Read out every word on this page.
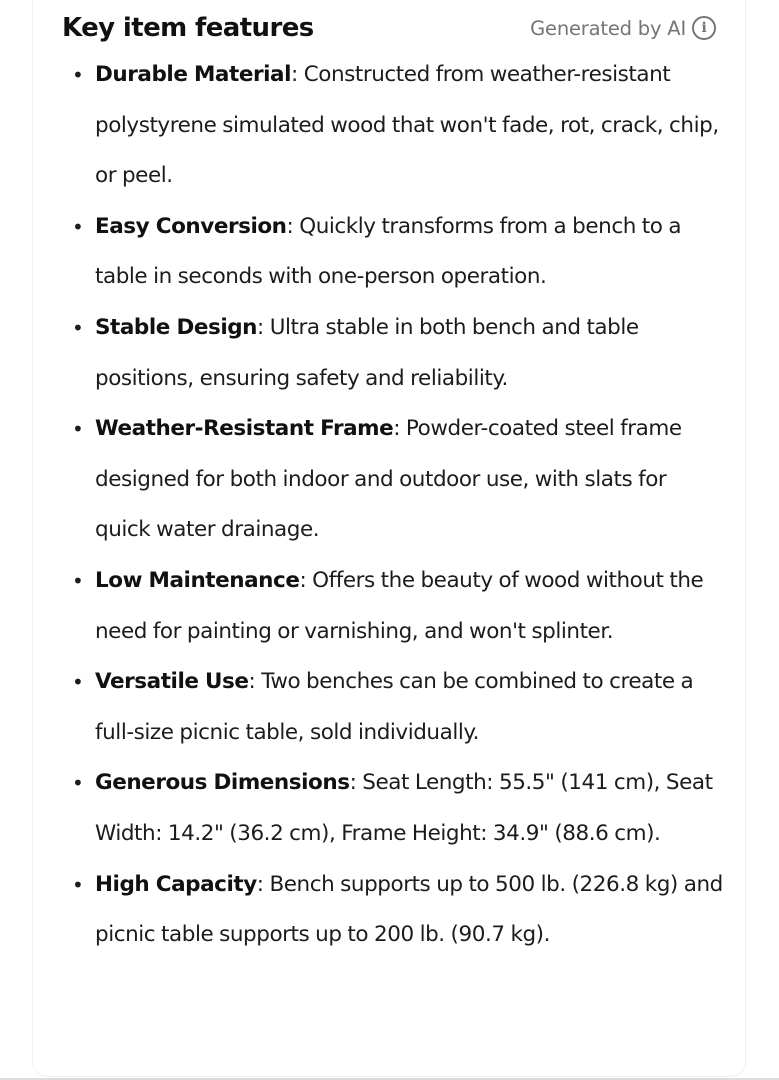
Key item features	Generated by AI	i
• Durable Material: Constructed from weather-resistant polystyrene simulated wood that won't fade, rot, crack, chip, or peel.
• Easy Conversion: Quickly transforms from a bench to a table in seconds with one-person operation.
• Stable Design: Ultra stable in both bench and table positions, ensuring safety and reliability.
• Weather-Resistant Frame: Powder-coated steel frame designed for both indoor and outdoor use, with slats for quick water drainage.
• Low Maintenance: Offers the beauty of wood without the need for painting or varnishing, and won't splinter.
• Versatile Use: Two benches can be combined to create a full-size picnic table, sold individually.
• Generous Dimensions: Seat Length: 55.5" (141 cm), Seat Width: 14.2" (36.2 cm), Frame Height: 34.9" (88.6 cm).
• High Capacity: Bench supports up to 500 lb. (226.8 kg) and picnic table supports up to 200 lb. (90.7 kg).
